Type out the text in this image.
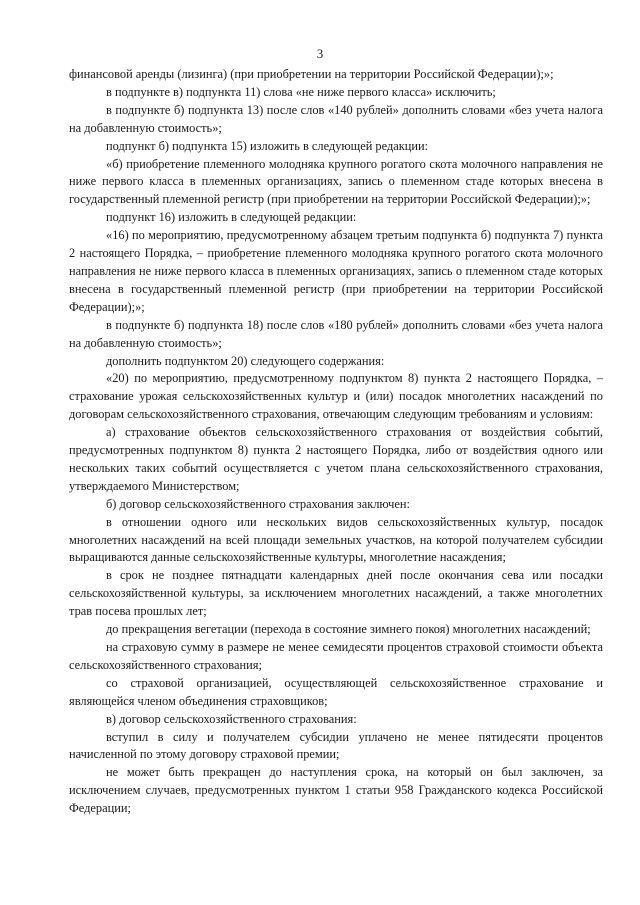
3

финансовой аренды (лизинга) (при приобретении на территории Российской Федерации);»;

в подпункте в) подпункта 11) слова «не ниже первого класса» исключить;

в подпункте б) подпункта 13) после слов «140 рублей» дополнить словами «без учета налога на добавленную стоимость»;

подпункт б) подпункта 15) изложить в следующей редакции:

«б) приобретение племенного молодняка крупного рогатого скота молочного направления не ниже первого класса в племенных организациях, запись о племенном стаде которых внесена в государственный племенной регистр (при приобретении на территории Российской Федерации);»;

подпункт 16) изложить в следующей редакции:

«16) по мероприятию, предусмотренному абзацем третьим подпункта б) подпункта 7) пункта 2 настоящего Порядка, – приобретение племенного молодняка крупного рогатого скота молочного направления не ниже первого класса в племенных организациях, запись о племенном стаде которых внесена в государственный племенной регистр (при приобретении на территории Российской Федерации);»;

в подпункте б) подпункта 18) после слов «180 рублей» дополнить словами «без учета налога на добавленную стоимость»;

дополнить подпунктом 20) следующего содержания:

«20) по мероприятию, предусмотренному подпунктом 8) пункта 2 настоящего Порядка, – страхование урожая сельскохозяйственных культур и (или) посадок многолетних насаждений по договорам сельскохозяйственного страхования, отвечающим следующим требованиям и условиям:

а) страхование объектов сельскохозяйственного страхования от воздействия событий, предусмотренных подпунктом 8) пункта 2 настоящего Порядка, либо от воздействия одного или нескольких таких событий осуществляется с учетом плана сельскохозяйственного страхования, утверждаемого Министерством;

б) договор сельскохозяйственного страхования заключен:

в отношении одного или нескольких видов сельскохозяйственных культур, посадок многолетних насаждений на всей площади земельных участков, на которой получателем субсидии выращиваются данные сельскохозяйственные культуры, многолетние насаждения;

в срок не позднее пятнадцати календарных дней после окончания сева или посадки сельскохозяйственной культуры, за исключением многолетних насаждений, а также многолетних трав посева прошлых лет;

до прекращения вегетации (перехода в состояние зимнего покоя) многолетних насаждений;

на страховую сумму в размере не менее семидесяти процентов страховой стоимости объекта сельскохозяйственного страхования;

со страховой организацией, осуществляющей сельскохозяйственное страхование и являющейся членом объединения страховщиков;

в) договор сельскохозяйственного страхования:

вступил в силу и получателем субсидии уплачено не менее пятидесяти процентов начисленной по этому договору страховой премии;

не может быть прекращен до наступления срока, на который он был заключен, за исключением случаев, предусмотренных пунктом 1 статьи 958 Гражданского кодекса Российской Федерации;
